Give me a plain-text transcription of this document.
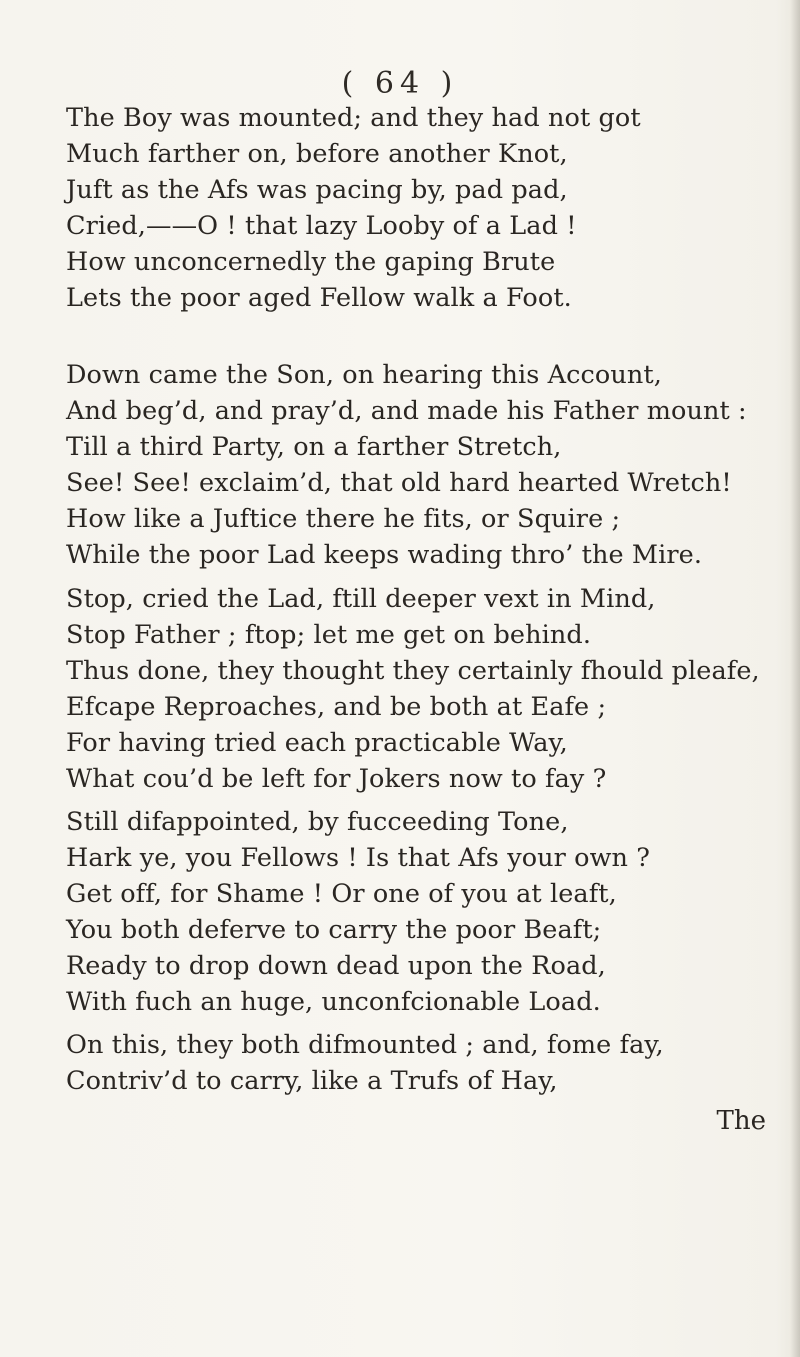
( 64 )
The Boy was mounted; and they had not got
Much farther on, before another Knot,
Juft as the Afs was pacing by, pad pad,
Cried,——O ! that lazy Looby of a Lad !
How unconcernedly the gaping Brute
Lets the poor aged Fellow walk a Foot.
Down came the Son, on hearing this Account,
And beg’d, and pray’d, and made his Father mount :
Till a third Party, on a farther Stretch,
See! See! exclaim’d, that old hard hearted Wretch!
How like a Juftice there he fits, or Squire ;
While the poor Lad keeps wading thro’ the Mire.
Stop, cried the Lad, ftill deeper vext in Mind,
Stop Father ; ftop; let me get on behind.
Thus done, they thought they certainly fhould pleafe,
Efcape Reproaches, and be both at Eafe ;
For having tried each practicable Way,
What cou’d be left for Jokers now to fay ?
Still difappointed, by fucceeding Tone,
Hark ye, you Fellows ! Is that Afs your own ?
Get off, for Shame ! Or one of you at leaft,
You both deferve to carry the poor Beaft;
Ready to drop down dead upon the Road,
With fuch an huge, unconfcionable Load.
On this, they both difmounted ; and, fome fay,
Contriv’d to carry, like a Trufs of Hay,
The
